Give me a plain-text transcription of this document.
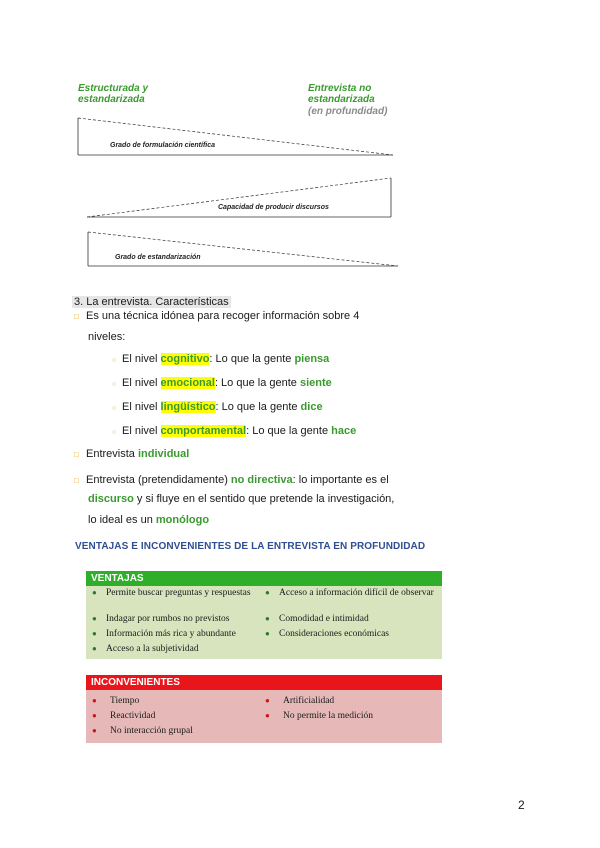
Estructurada y estandarizada
Entrevista no estandarizada
(en profundidad)
Grado de formulación científica
Capacidad de producir discursos
Grado de estandarización
3. La entrevista. Características
□ Es una técnica idónea para recoger información sobre 4
niveles:
○ El nivel cognitivo: Lo que la gente piensa
○ El nivel emocional: Lo que la gente siente
○ El nivel lingüístico: Lo que la gente dice
○ El nivel comportamental: Lo que la gente hace
□ Entrevista individual
□ Entrevista (pretendidamente) no directiva: lo importante es el
discurso y si fluye en el sentido que pretende la investigación,
lo ideal es un monólogo
VENTAJAS E INCONVENIENTES DE LA ENTREVISTA EN PROFUNDIDAD
VENTAJAS
● Permite buscar preguntas y respuestas
● Indagar por rumbos no previstos
● Información más rica y abundante
● Acceso a la subjetividad
● Acceso a información difícil de observar
● Comodidad e intimidad
● Consideraciones económicas
INCONVENIENTES
● Tiempo
● Reactividad
● No interacción grupal
● Artificialidad
● No permite la medición
2
